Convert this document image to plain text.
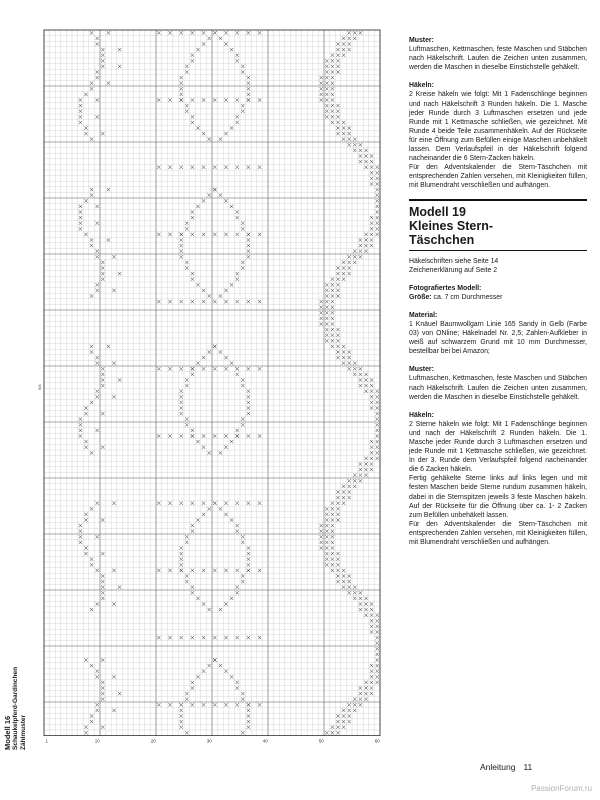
1	10	20	30	40	50	60
9/4
Modell 16 Schaukelpferd-Gardinchen Zählmuster
Muster:

Luftmaschen, Kettmaschen, feste Maschen und Stäbchen nach Häkelschrift. Laufen die Zeichen unten zusammen, werden die Maschen in dieselbe Einstichstelle gehäkelt.

Häkeln:

2 Kreise häkeln wie folgt: Mit 1 Fadenschlinge beginnen und nach Häkelschrift 3 Runden häkeln. Die 1. Masche jeder Runde durch 3 Luftmaschen ersetzen und jede Runde mit 1 Kettmasche schließen, wie gezeichnet. Mit Runde 4 beide Teile zusammenhäkeln. Auf der Rückseite für eine Öffnung zum Befüllen einige Maschen unbehäkelt lassen. Dem Verlaufspfeil in der Häkelschrift folgend nacheinander die 6 Stern-Zacken häkeln.

Für den Adventskalender die Stern-Täschchen mit entsprechenden Zahlen versehen, mit Kleinigkeiten füllen, mit Blumendraht verschließen und aufhängen.

Modell 19
Kleines Stern-
Täschchen
Häkelschriften siehe Seite 14
Zeichenerklärung auf Seite 2
Fotografiertes Modell:
Größe: ca. 7 cm Durchmesser
Material:

1 Knäuel Baumwollgarn Linie 165 Sandy in Gelb (Farbe 03) von ONline; Häkelnadel Nr. 2,5; Zahlen-Aufkleber in weiß auf schwarzem Grund mit 10 mm Durchmesser, bestellbar bei bei Amazon;

Muster:

Luftmaschen, Kettmaschen, feste Maschen und Stäbchen nach Häkelschrift. Laufen die Zeichen unten zusammen, werden die Maschen in dieselbe Einstichstelle gehäkelt.

Häkeln:

2 Sterne häkeln wie folgt: Mit 1 Fadenschlinge beginnen und nach der Häkelschrift 2 Runden häkeln. Die 1. Masche jeder Runde durch 3 Luftmaschen ersetzen und jede Runde mit 1 Kettmasche schließen, wie gezeichnet. In der 3. Runde dem Verlaufspfeil folgend nacheinander die 6 Zacken häkeln.

Fertig gehäkelte Sterne links auf links legen und mit festen Maschen beide Sterne rundum zusammen häkeln, dabei in die Sternspitzen jeweils 3 feste Maschen häkeln. Auf der Rückseite für die Öffnung über ca. 1- 2 Zacken zum Befüllen unbehäkelt lassen.

Für den Adventskalender die Stern-Täschchen mit entsprechenden Zahlen versehen, mit Kleinigkeiten füllen, mit Blumendraht verschließen und aufhängen.

Anleitung 11
PassionForum.ru
